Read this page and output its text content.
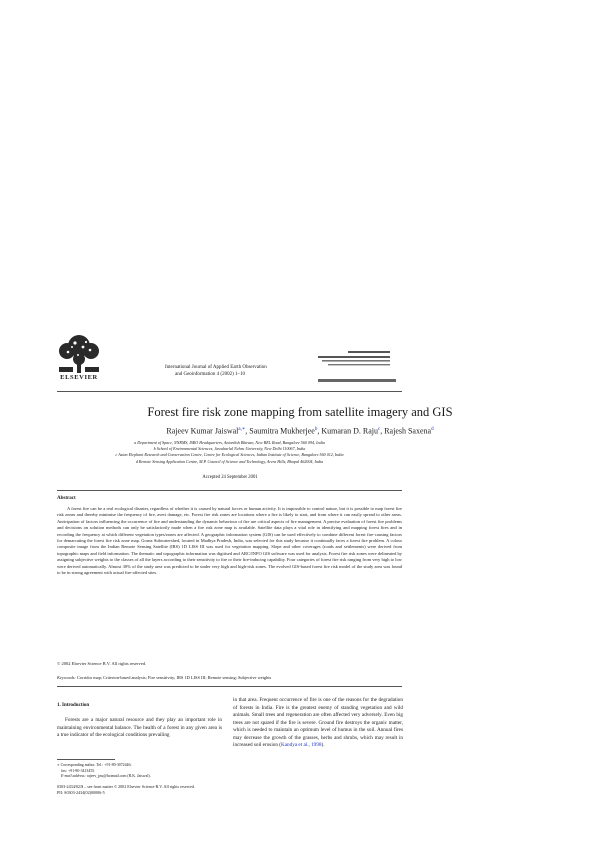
ELSEVIER
International Journal of Applied Earth Observation
and Geoinformation 4 (2002) 1–10
Forest fire risk zone mapping from satellite imagery and GIS
Rajeev Kumar Jaiswal$^{a,∗}$, Saumitra Mukherjee$^b$, Kumaran D. Raju$^c$, Rajesh Saxena$^d$
a Department of Space, NNRMS, ISRO Headquarters, Antariksh Bhavan, New BEL Road, Bangalore 560 094, India
b School of Environmental Sciences, Jawaharlal Nehru University, New Delhi 110067, India
c Asian Elephant Research and Conservation Centre, Centre for Ecological Sciences, Indian Institute of Science, Bangalore 560 012, India
d Remote Sensing Application Centre, M.P. Council of Science and Technology, Arera Hills, Bhopal 462004, India
Accepted 24 September 2001
Abstract
A forest fire can be a real ecological disaster, regardless of whether it is caused by natural forces or human activity. It is impossible to control nature, but it is possible to map forest fire risk zones and thereby minimise the frequency of fire, avert damage, etc. Forest fire risk zones are locations where a fire is likely to start, and from where it can easily spread to other areas. Anticipation of factors influencing the occurrence of fire and understanding the dynamic behaviour of fire are critical aspects of fire management. A precise evaluation of forest fire problems and decisions on solution methods can only be satisfactorily made when a fire risk zone map is available. Satellite data plays a vital role in identifying and mapping forest fires and in recording the frequency at which different vegetation types/zones are affected. A geographic information system (GIS) can be used effectively to combine different forest fire-causing factors for demarcating the forest fire risk zone map. Gorna Subwatershed, located in Madhya Pradesh, India, was selected for this study because it continually faces a forest fire problem. A colour composite image from the Indian Remote Sensing Satellite (IRS) 1D LISS III was used for vegetation mapping. Slope and other coverages (roads and settlements) were derived from topographic maps and field information. The thematic and topographic information was digitised and ARC/INFO GIS software was used for analysis. Forest fire risk zones were delineated by assigning subjective weights to the classes of all the layers according to their sensitivity to fire or their fire-inducing capability. Four categories of forest fire risk ranging from very high to low were derived automatically. Almost 30% of the study area was predicted to be under very high and high-risk zones. The evolved GIS-based forest fire risk model of the study area was found to be in strong agreement with actual fire-affected sites.
© 2002 Elsevier Science B.V. All rights reserved.
Keywords: Corridor map; Criterion-based analysis; Fire sensitivity; IRS 1D LISS III; Remote sensing; Subjective weights
1. Introduction
Forests are a major natural resource and they play an important role in maintaining environmental balance. The health of a forest in any given area is a true indicator of the ecological conditions prevailing
in that area. Frequent occurrence of fire is one of the reasons for the degradation of forests in India. Fire is the greatest enemy of standing vegetation and wild animals. Small trees and regeneration are often affected very adversely. Even big trees are not spared if the fire is severe. Ground fire destroys the organic matter, which is needed to maintain an optimum level of humus in the soil. Annual fires may decrease the growth of the grasses, herbs and shrubs, which may result in increased soil erosion (Kandya et al., 1998).
∗ Corresponding author. Tel.: +91-80-3072446;
fax: +91-80-3413455.
E-mail address: rajeev_jnu@hotmail.com (R.K. Jaiswal).
0303-2434/02/$ – see front matter © 2002 Elsevier Science B.V. All rights reserved.
PII: S0303-2434(02)00006-5
